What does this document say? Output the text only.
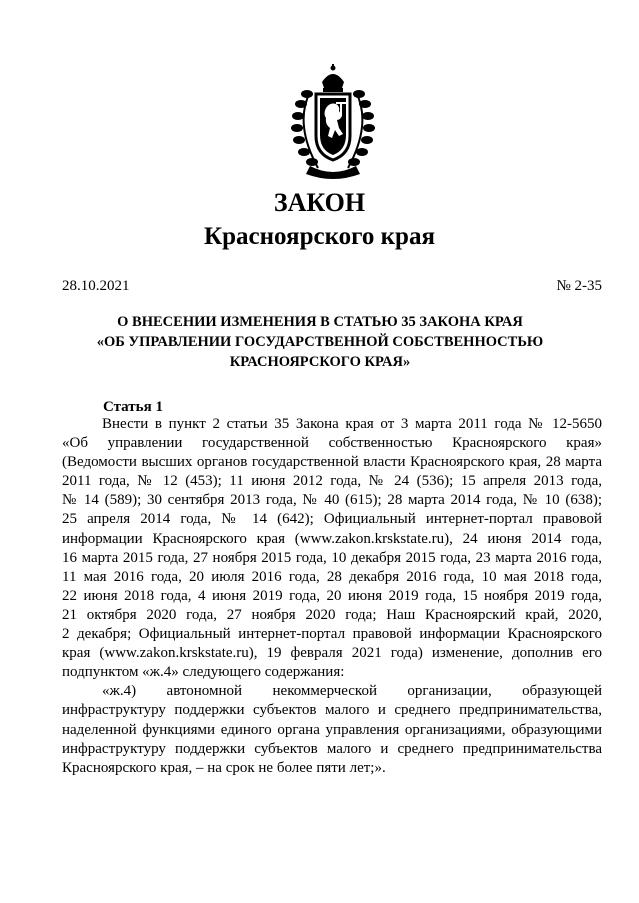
ЗАКОН
Красноярского края
28.10.2021	№ 2-35
О ВНЕСЕНИИ ИЗМЕНЕНИЯ В СТАТЬЮ 35 ЗАКОНА КРАЯ
«ОБ УПРАВЛЕНИИ ГОСУДАРСТВЕННОЙ СОБСТВЕННОСТЬЮ
КРАСНОЯРСКОГО КРАЯ»
Статья 1
Внести в пункт 2 статьи 35 Закона края от 3 марта 2011 года № 12-5650
«Об управлении государственной собственностью Красноярского края»
(Ведомости высших органов государственной власти Красноярского края, 28 марта
2011 года, № 12 (453); 11 июня 2012 года, № 24 (536); 15 апреля 2013 года,
№ 14 (589); 30 сентября 2013 года, № 40 (615); 28 марта 2014 года, № 10 (638);
25 апреля 2014 года, № 14 (642); Официальный интернет-портал правовой
информации Красноярского края (www.zakon.krskstate.ru), 24 июня 2014 года,
16 марта 2015 года, 27 ноября 2015 года, 10 декабря 2015 года, 23 марта 2016 года,
11 мая 2016 года, 20 июля 2016 года, 28 декабря 2016 года, 10 мая 2018 года,
22 июня 2018 года, 4 июня 2019 года, 20 июня 2019 года, 15 ноября 2019 года,
21 октября 2020 года, 27 ноября 2020 года; Наш Красноярский край, 2020,
2 декабря; Официальный интернет-портал правовой информации Красноярского
края (www.zakon.krskstate.ru), 19 февраля 2021 года) изменение, дополнив его
подпунктом «ж.4» следующего содержания:
«ж.4) автономной некоммерческой организации, образующей
инфраструктуру поддержки субъектов малого и среднего предпринимательства,
наделенной функциями единого органа управления организациями, образующими
инфраструктуру поддержки субъектов малого и среднего предпринимательства
Красноярского края, – на срок не более пяти лет;».
